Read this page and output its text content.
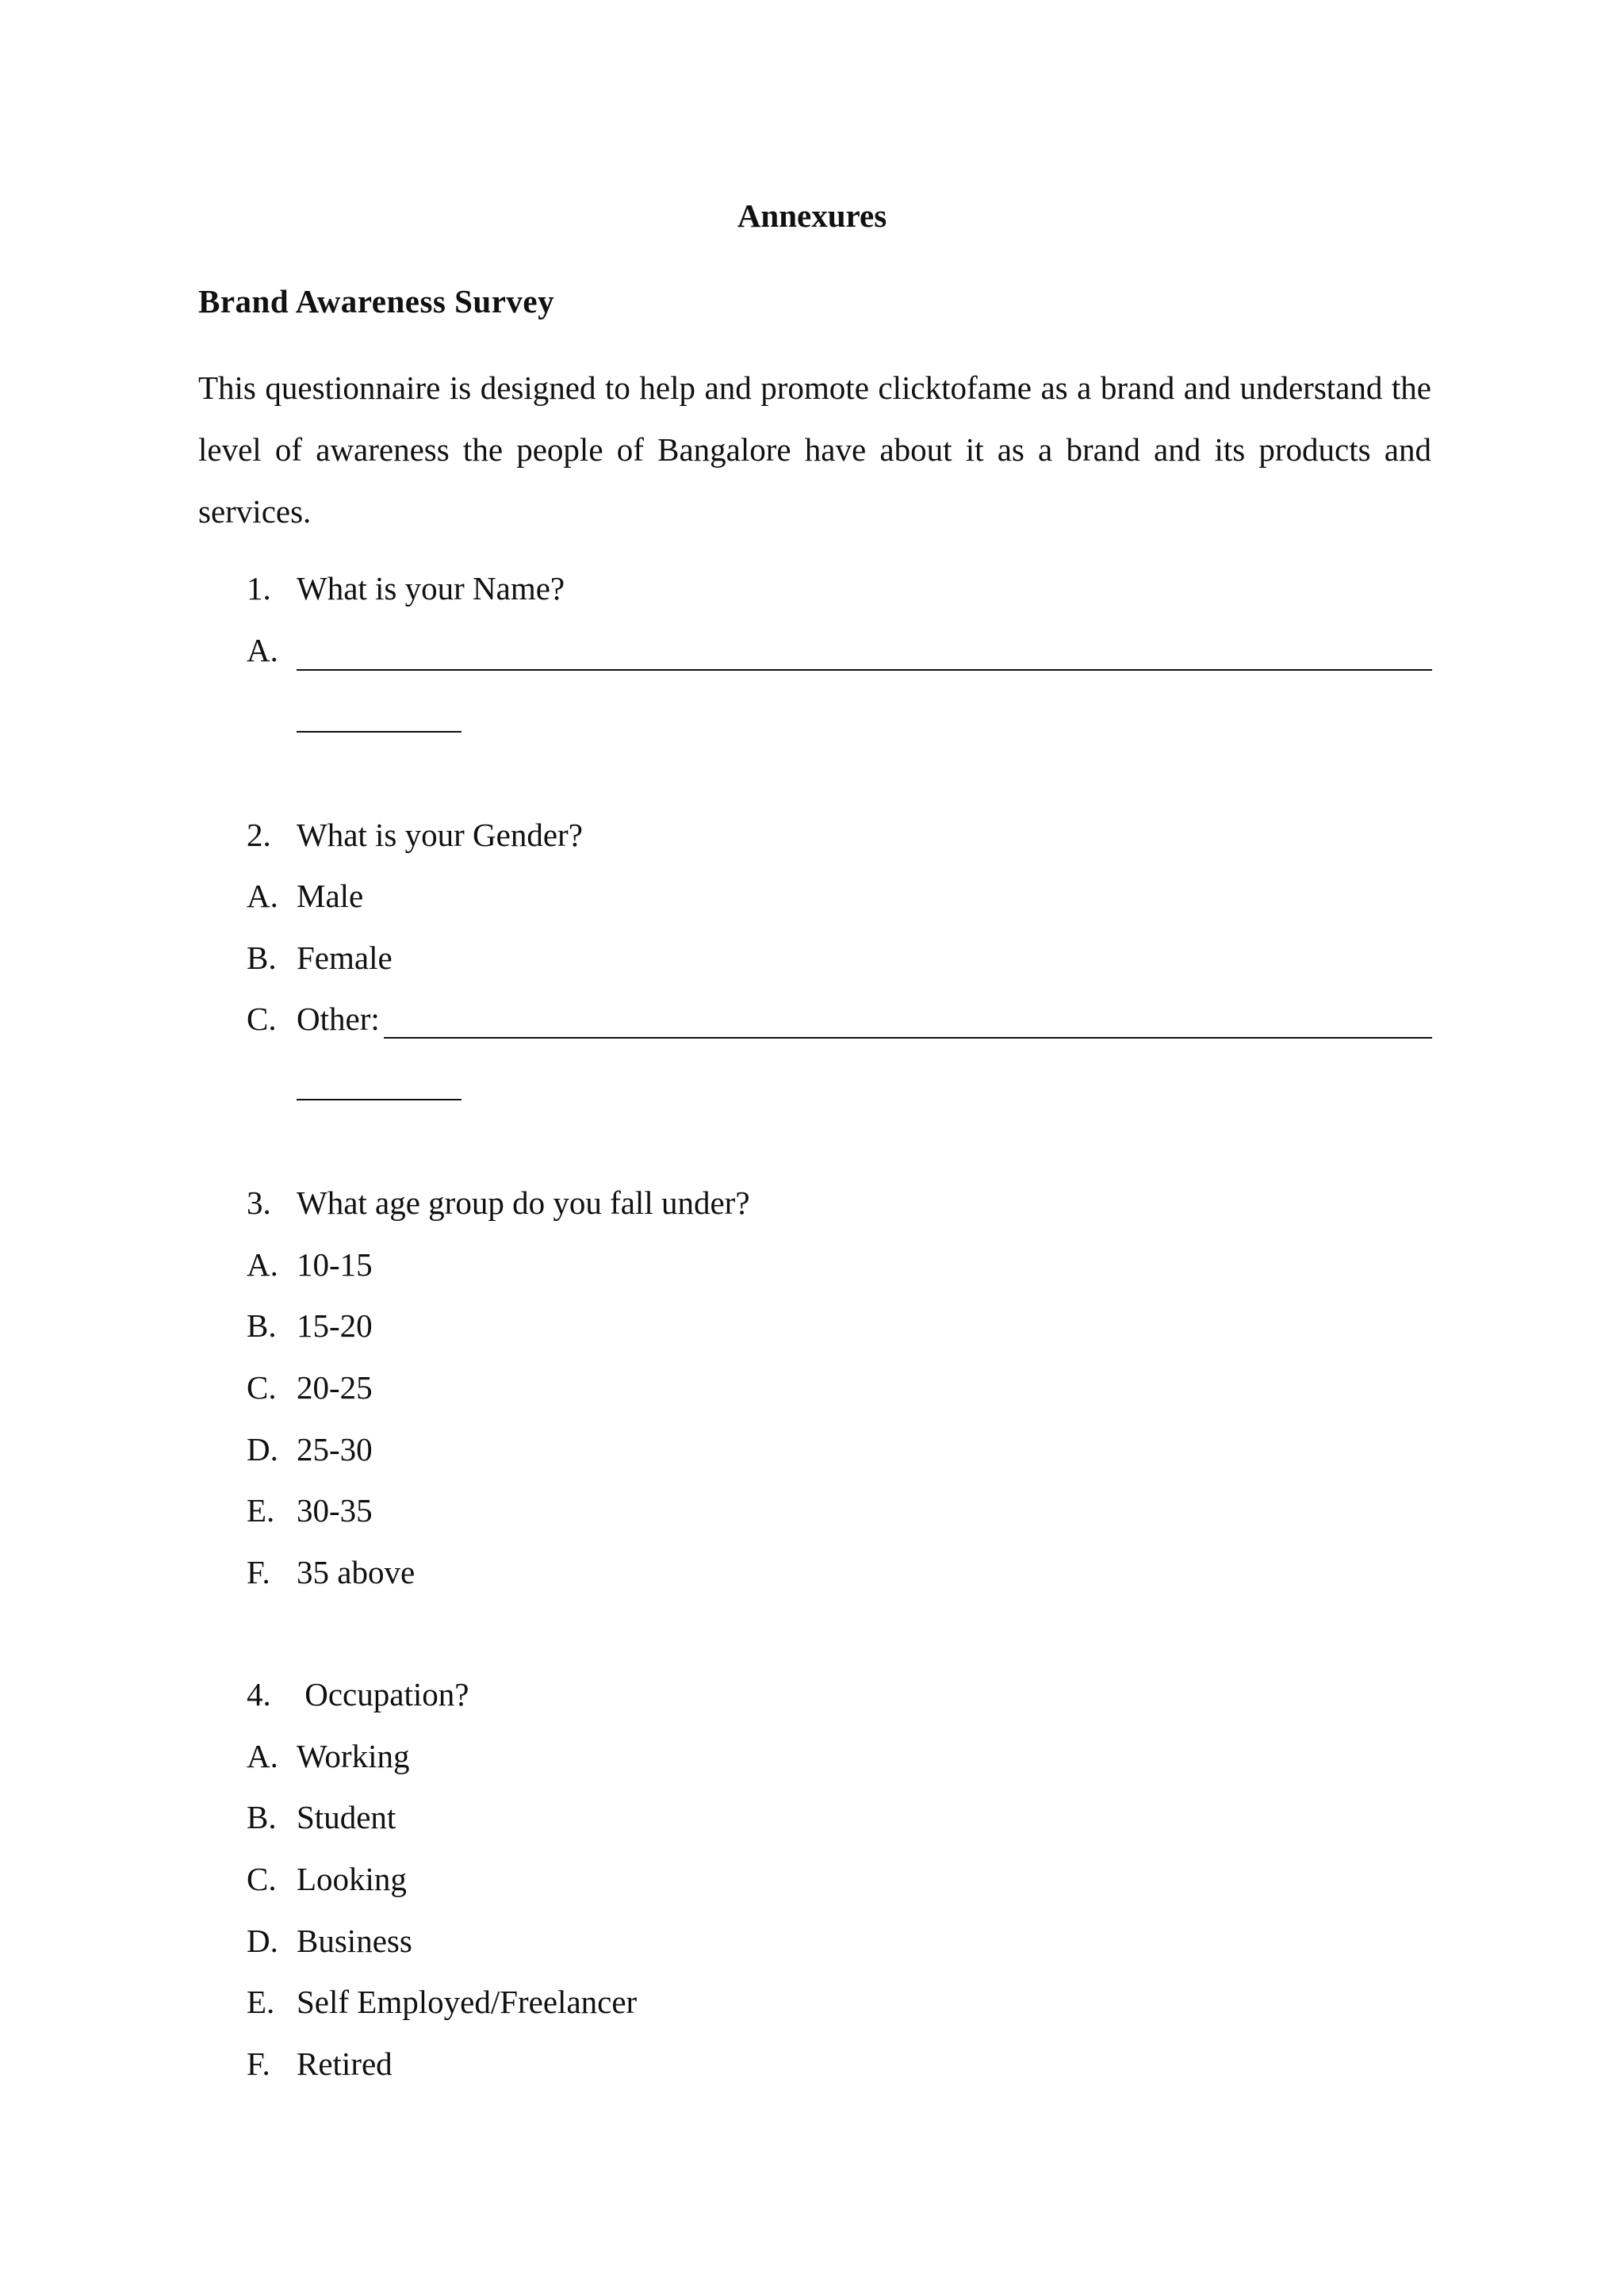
Annexures
Brand Awareness Survey
This questionnaire is designed to help and promote clicktofame as a brand and understand the level of awareness the people of Bangalore have about it as a brand and its products and services.
1. What is your Name?
A.
2. What is your Gender?
A. Male
B. Female
C. Other:
3. What age group do you fall under?
A. 10-15
B. 15-20
C. 20-25
D. 25-30
E. 30-35
F. 35 above
4. Occupation?
A. Working
B. Student
C. Looking
D. Business
E. Self Employed/Freelancer
F. Retired
